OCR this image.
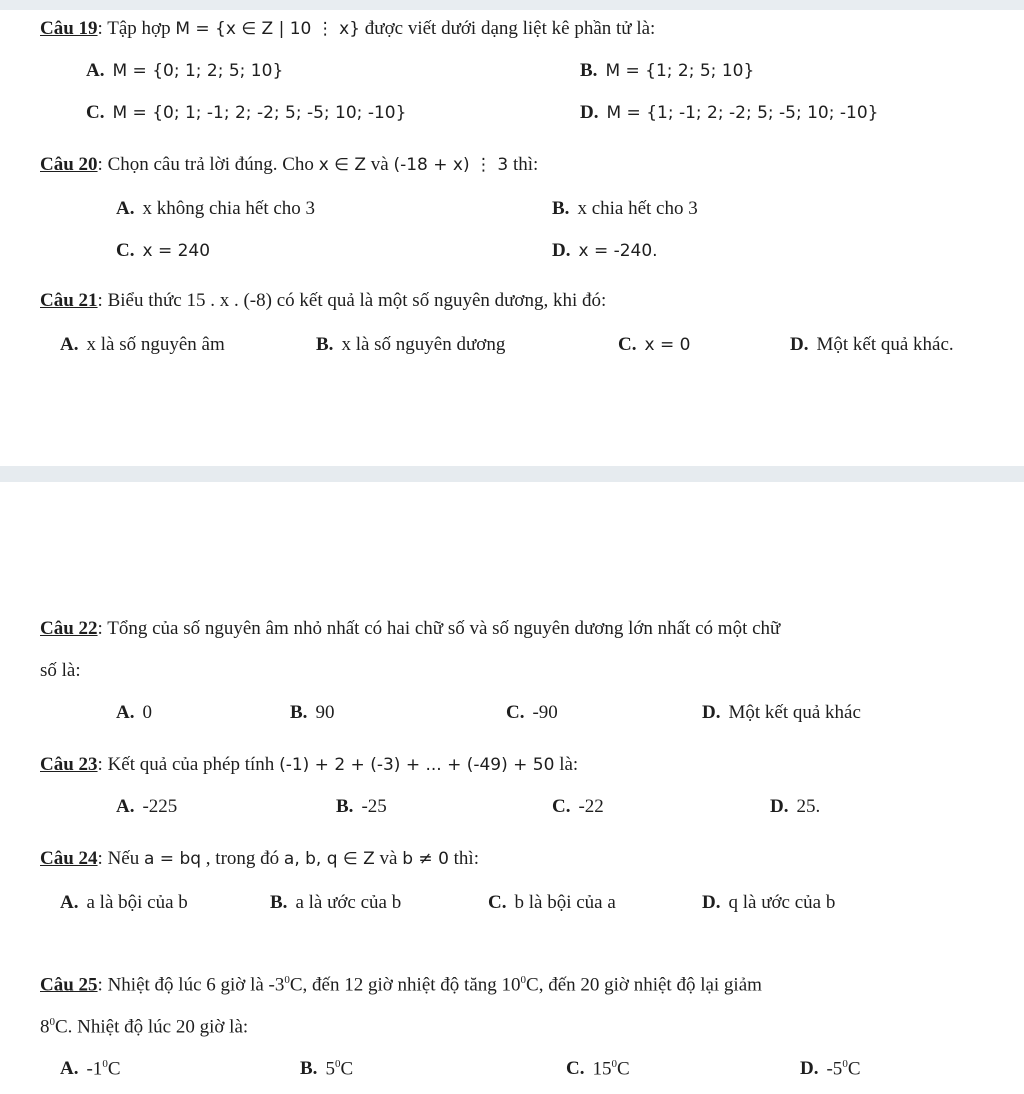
Câu 19: Tập hợp M = {x ∈ Z | 10 ⋮ x} được viết dưới dạng liệt kê phần tử là:
A. M = {0; 1; 2; 5; 10}	B. M = {1; 2; 5; 10}
C. M = {0; 1; -1; 2; -2; 5; -5; 10; -10}	D. M = {1; -1; 2; -2; 5; -5; 10; -10}
Câu 20: Chọn câu trả lời đúng. Cho x ∈ Z và (-18 + x) ⋮ 3 thì:
A. x không chia hết cho 3	B. x chia hết cho 3
C. x = 240	D. x = -240.
Câu 21: Biểu thức 15 . x . (-8) có kết quả là một số nguyên dương, khi đó:
A. x là số nguyên âm	B. x là số nguyên dương	C. x = 0	D. Một kết quả khác.
Câu 22: Tổng của số nguyên âm nhỏ nhất có hai chữ số và số nguyên dương lớn nhất có một chữ
số là:
A. 0	B. 90	C. -90	D. Một kết quả khác
Câu 23: Kết quả của phép tính (-1) + 2 + (-3) + ... + (-49) + 50 là:
A. -225	B. -25	C. -22	D. 25.
Câu 24: Nếu a = bq , trong đó a, b, q ∈ Z và b ≠ 0 thì:
A. a là bội của b	B. a là ước của b	C. b là bội của a	D. q là ước của b
Câu 25: Nhiệt độ lúc 6 giờ là $-3^0C$, đến 12 giờ nhiệt độ tăng $10^0C$, đến 20 giờ nhiệt độ lại giảm
$8^0C$. Nhiệt độ lúc 20 giờ là:
A. $-1^0C$	B. $5^0C$	C. $15^0C$	D. $-5^0C$
